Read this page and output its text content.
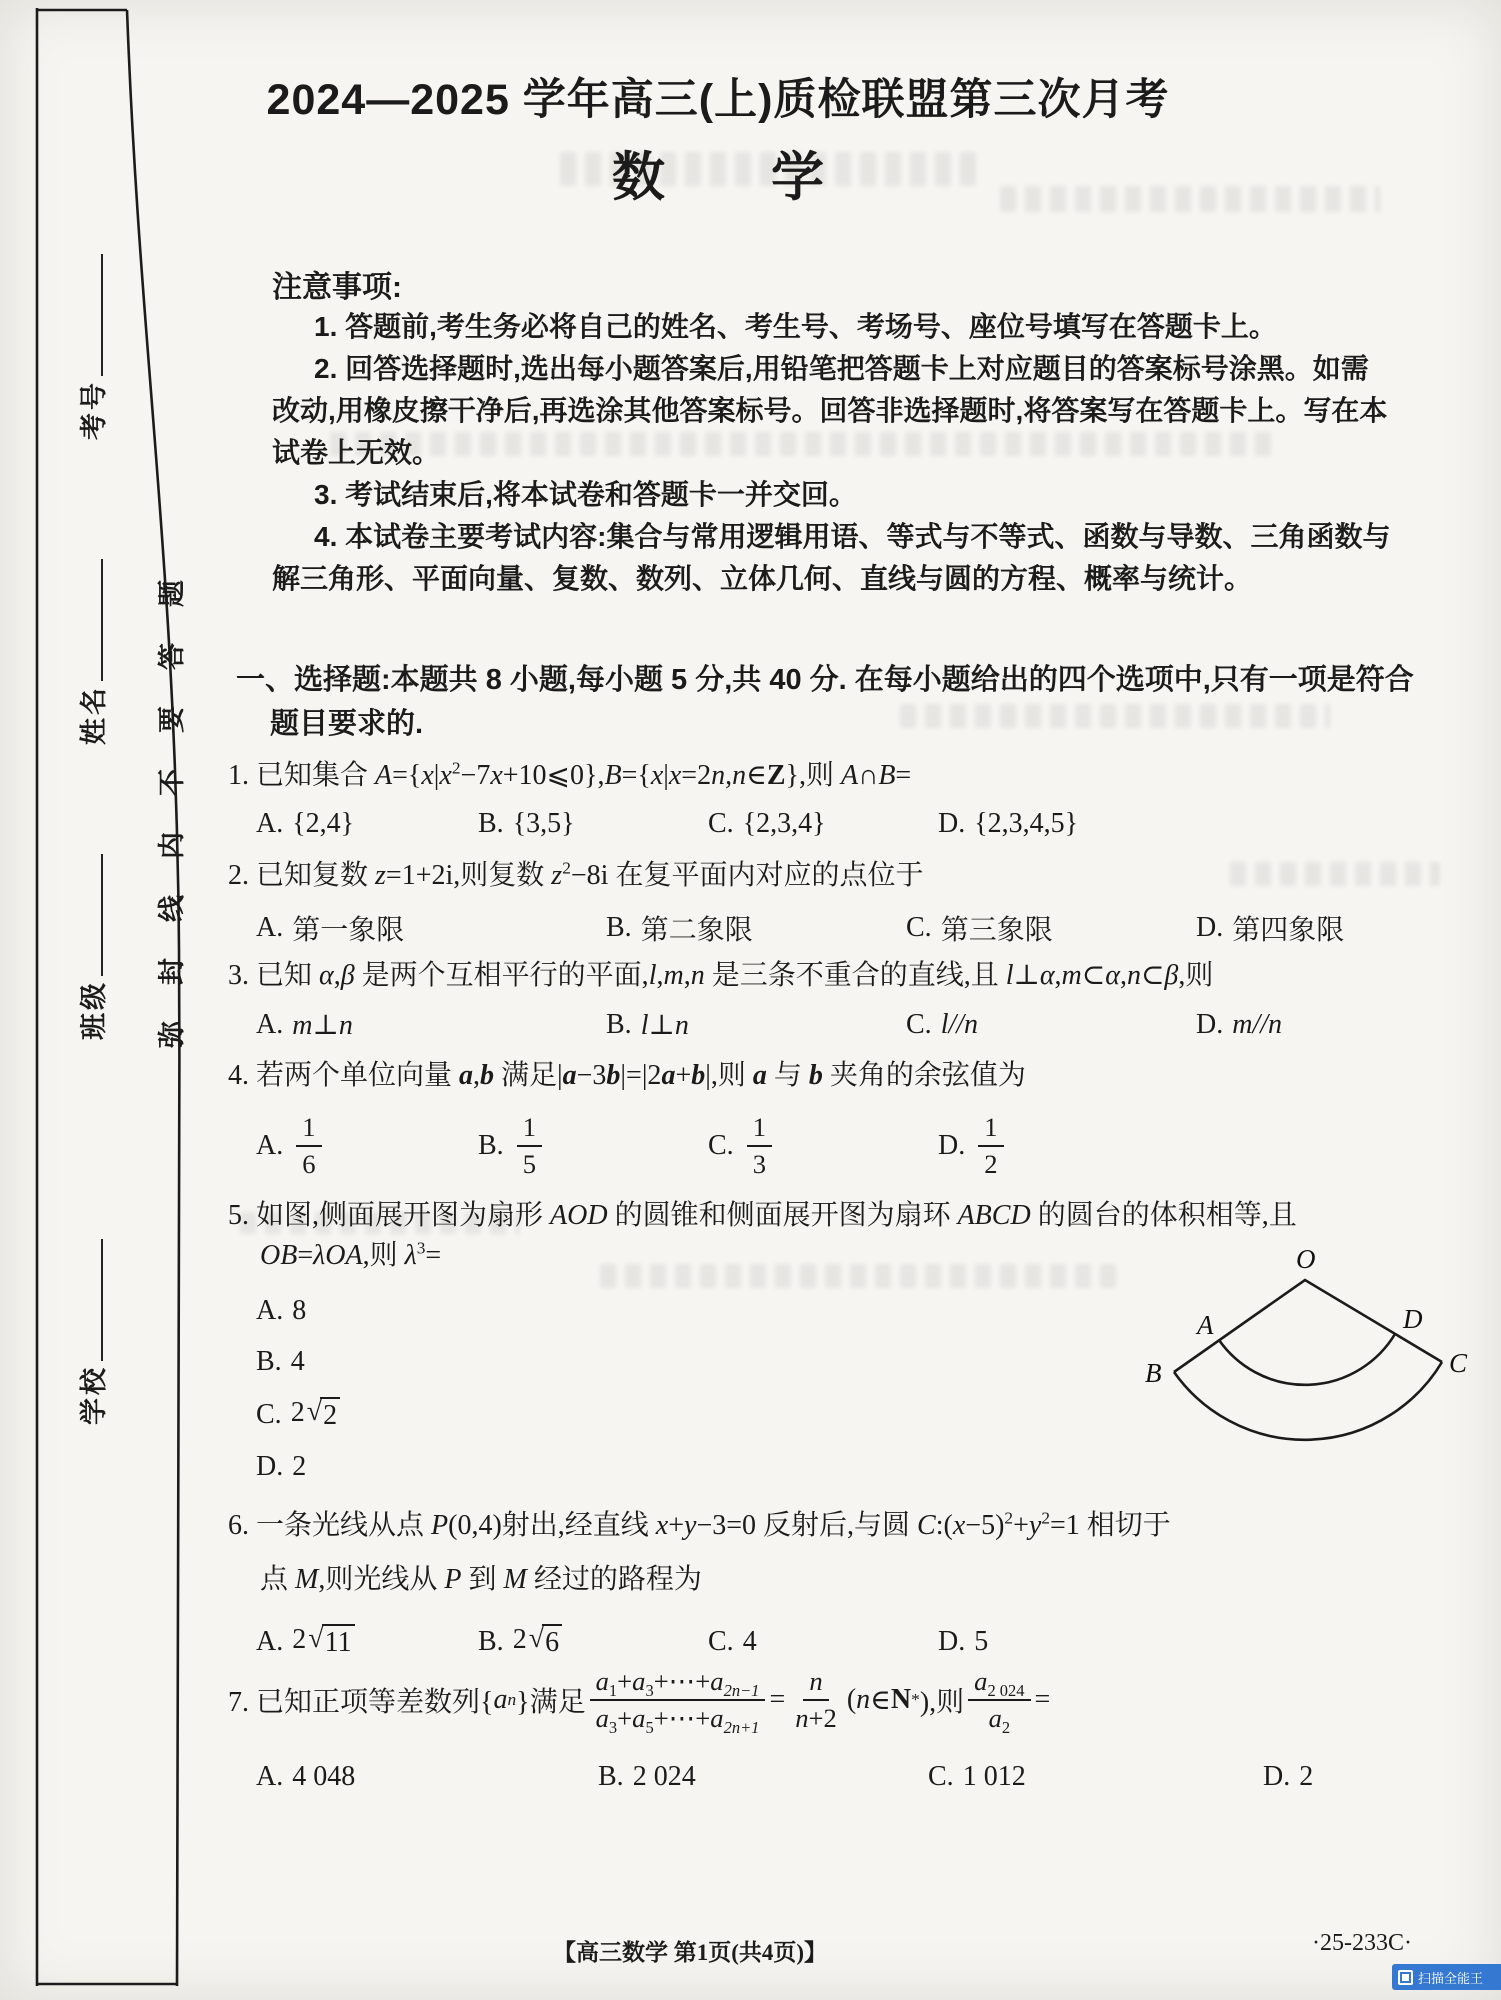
考号
姓名
班级
学校
弥封线内不要答题
2024—2025 学年高三(上)质检联盟第三次月考
数　　学
注意事项:

1. 答题前,考生务必将自己的姓名、考生号、考场号、座位号填写在答题卡上。

2. 回答选择题时,选出每小题答案后,用铅笔把答题卡上对应题目的答案标号涂黑。如需改动,用橡皮擦干净后,再选涂其他答案标号。回答非选择题时,将答案写在答题卡上。写在本试卷上无效。

3. 考试结束后,将本试卷和答题卡一并交回。

4. 本试卷主要考试内容:集合与常用逻辑用语、等式与不等式、函数与导数、三角函数与解三角形、平面向量、复数、数列、立体几何、直线与圆的方程、概率与统计。

一、选择题:本题共 8 小题,每小题 5 分,共 40 分. 在每小题给出的四个选项中,只有一项是符合
题目要求的.
1. 已知集合 $A=\{x|x^2-7x+10⩽0\},B=\{x|x=2n,n\in Z\}$,则 A∩B=
A. {2,4}	B. {3,5}	C. {2,3,4}	D. {2,3,4,5}
2. 已知复数 z=1+2i,则复数 $z^2-8i$ 在复平面内对应的点位于
A. 第一象限	B. 第二象限	C. 第三象限	D. 第四象限
3. 已知 α,β 是两个互相平行的平面,l,m,n 是三条不重合的直线,且 l⊥α,m⊂α,n⊂β,则
A. m⊥n	B. l⊥n	C. l//n	D. m//n
4. 若两个单位向量 a,b 满足|a−3b|=|2a+b|,则 a 与 b 夹角的余弦值为
A. $\frac{1}{6}$	B. $\frac{1}{5}$	C. $\frac{1}{3}$	D. $\frac{1}{2}$
5. 如图,侧面展开图为扇形 AOD 的圆锥和侧面展开图为扇环 ABCD 的圆台的体积相等,且
OB=λOA,则 $\lambda^3=$
A. 8
B. 4
C. 2 √ 2
D. 2
O
A
B
D
C
6. 一条光线从点 P(0,4)射出,经直线 x+y−3=0 反射后,与圆 $C:(x-5)^2+y^2=1$ 相切于
点 M,则光线从 P 到 M 经过的路程为
A. 2 √ 11	B. 2 √ 6	C. 4	D. 5
7. 已知正项等差数列{ a n }满足 $\frac{a_1+a_3+\cdots+a_{2n-1}}{a_3+a_5+\cdots+a_{2n+1}} = \frac{n}{n+2}$ ( n ∈ N * ),则 $\frac{a_{2 024}}{a_2}$ =
A. 4 048	B. 2 024	C. 1 012	D. 2
【高三数学 第1页(共4页)】	·25-233C·
扫描全能王
